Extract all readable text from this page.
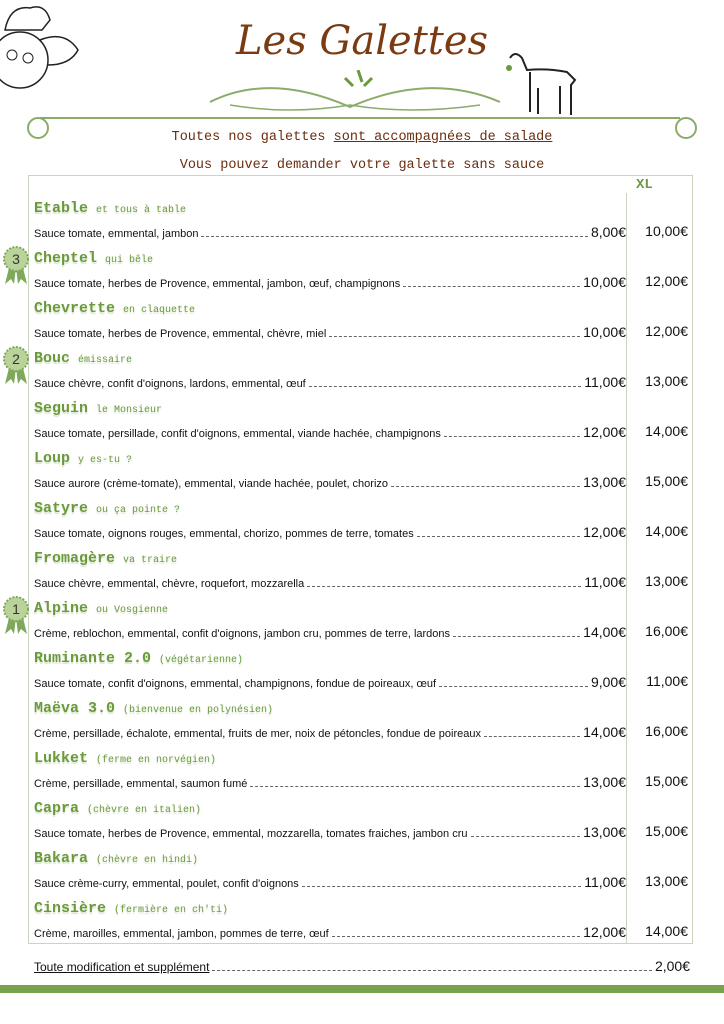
Les Galettes
Toutes nos galettes sont accompagnées de salade
Vous pouvez demander votre galette sans sauce
XL
Etable et tous à table
Sauce tomate, emmental, jambon	8,00€	10,00€
3 Cheptel qui bêle
Sauce tomate, herbes de Provence, emmental, jambon, œuf, champignons	10,00€	12,00€
Chevrette en claquette
Sauce tomate, herbes de Provence, emmental, chèvre, miel	10,00€	12,00€
2 Bouc émissaire
Sauce chèvre, confit d'oignons, lardons, emmental, œuf	11,00€	13,00€
Seguin le Monsieur
Sauce tomate, persillade, confit d'oignons, emmental, viande hachée, champignons	12,00€	14,00€
Loup y es-tu ?
Sauce aurore (crème-tomate), emmental, viande hachée, poulet, chorizo	13,00€	15,00€
Satyre ou ça pointe ?
Sauce tomate, oignons rouges, emmental, chorizo, pommes de terre, tomates	12,00€	14,00€
Fromagère va traire
Sauce chèvre, emmental, chèvre, roquefort, mozzarella	11,00€	13,00€
1 Alpine ou Vosgienne
Crème, reblochon, emmental, confit d'oignons, jambon cru, pommes de terre, lardons	14,00€	16,00€
Ruminante 2.0 (végétarienne)
Sauce tomate, confit d'oignons, emmental, champignons, fondue de poireaux, œuf	9,00€	11,00€
Maëva 3.0 (bienvenue en polynésien)
Crème, persillade, échalote, emmental, fruits de mer, noix de pétoncles, fondue de poireaux	14,00€	16,00€
Lukket (ferme en norvégien)
Crème, persillade, emmental, saumon fumé	13,00€	15,00€
Capra (chèvre en italien)
Sauce tomate, herbes de Provence, emmental, mozzarella, tomates fraiches, jambon cru	13,00€	15,00€
Bakara (chèvre en hindi)
Sauce crème-curry, emmental, poulet, confit d'oignons	11,00€	13,00€
Cinsière (fermière en ch'ti)
Crème, maroilles, emmental, jambon, pommes de terre, œuf	12,00€	14,00€
Toute modification et supplément	2,00€
